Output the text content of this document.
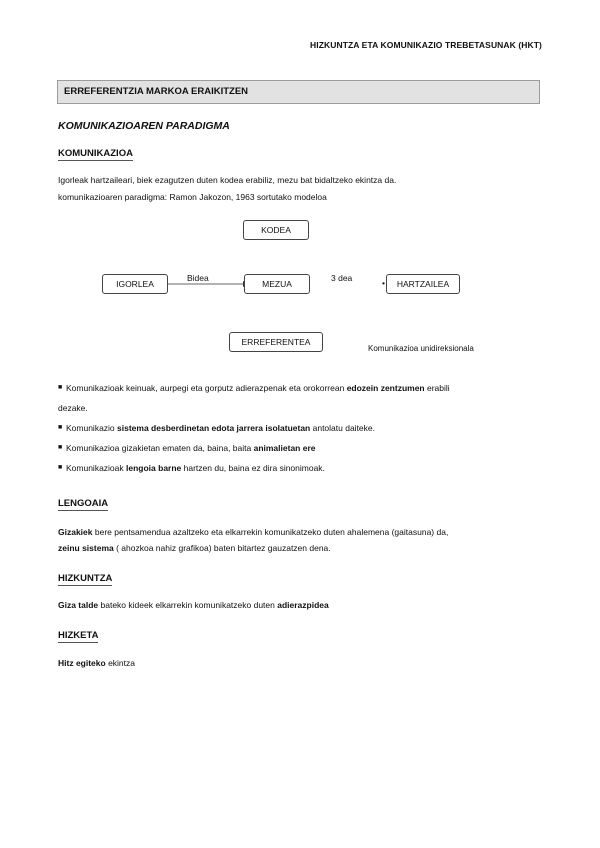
HIZKUNTZA ETA KOMUNIKAZIO TREBETASUNAK (HKT)
ERREFERENTZIA MARKOA ERAIKITZEN
KOMUNIKAZIOAREN PARADIGMA
KOMUNIKAZIOA
Igorleak hartzaileari, biek ezagutzen duten kodea erabiliz, mezu bat bidaltzeko ekintza da.
komunikazioaren paradigma: Ramon Jakozon, 1963 sortutako modeloa
KODEA
IGORLEA
Bidea
MEZUA
3 dea	•	HARTZAILEA
ERREFERENTEA
Komunikazioa unidireksionala
■ Komunikazioak keinuak, aurpegi eta gorputz adierazpenak eta orokorrean edozein zentzumen erabili
dezake.
■ Komunikazio sistema desberdinetan edota jarrera isolatuetan antolatu daiteke.
■ Komunikazioa gizakietan ematen da, baina, baita animalietan ere
■ Komunikazioak lengoia barne hartzen du, baina ez dira sinonimoak.
LENGOAIA
Gizakiek bere pentsamendua azaltzeko eta elkarrekin komunikatzeko duten ahalemena (gaitasuna) da,
zeinu sistema ( ahozkoa nahiz grafikoa) baten bitartez gauzatzen dena.
HIZKUNTZA
Giza talde bateko kideek elkarrekin komunikatzeko duten adierazpidea
HIZKETA
Hitz egiteko ekintza
